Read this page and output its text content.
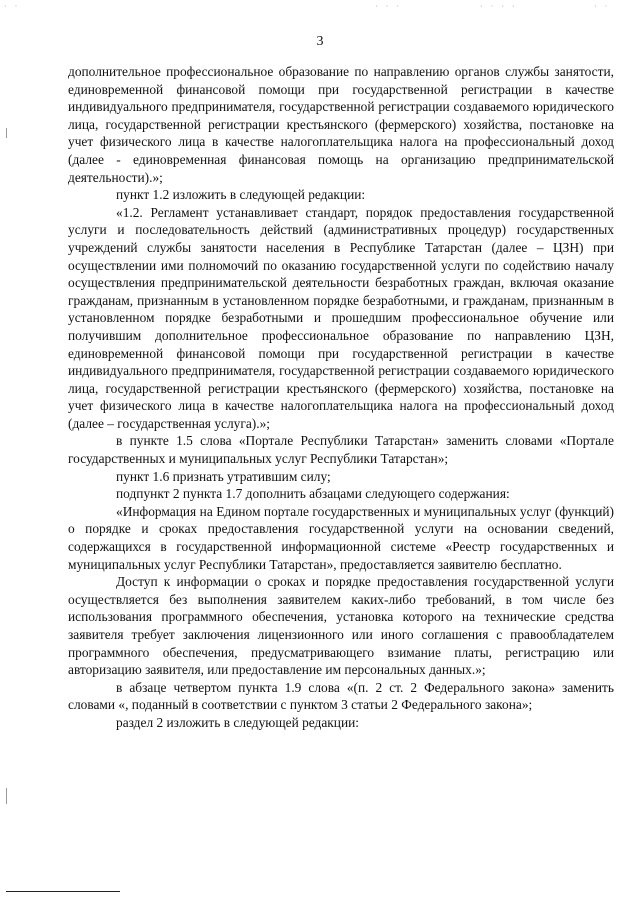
· ·	· · ·	· · · ·	· ·
3

дополнительное профессиональное образование по направлению органов службы занятости, единовременной финансовой помощи при государственной регистрации в качестве индивидуального предпринимателя, государственной регистрации создаваемого юридического лица, государственной регистрации крестьянского (фермерского) хозяйства, постановке на учет физического лица в качестве налогоплательщика налога на профессиональный доход (далее - единовременная финансовая помощь на организацию предпринимательской деятельности).»;

пункт 1.2 изложить в следующей редакции:

«1.2. Регламент устанавливает стандарт, порядок предоставления государственной услуги и последовательность действий (административных процедур) государственных учреждений службы занятости населения в Республике Татарстан (далее – ЦЗН) при осуществлении ими полномочий по оказанию государственной услуги по содействию началу осуществления предпринимательской деятельности безработных граждан, включая оказание гражданам, признанным в установленном порядке безработными, и гражданам, признанным в установленном порядке безработными и прошедшим профессиональное обучение или получившим дополнительное профессиональное образование по направлению ЦЗН, единовременной финансовой помощи при государственной регистрации в качестве индивидуального предпринимателя, государственной регистрации создаваемого юридического лица, государственной регистрации крестьянского (фермерского) хозяйства, постановке на учет физического лица в качестве налогоплательщика налога на профессиональный доход (далее – государственная услуга).»;

в пункте 1.5 слова «Портале Республики Татарстан» заменить словами «Портале государственных и муниципальных услуг Республики Татарстан»;

пункт 1.6 признать утратившим силу;

подпункт 2 пункта 1.7 дополнить абзацами следующего содержания:

«Информация на Едином портале государственных и муниципальных услуг (функций) о порядке и сроках предоставления государственной услуги на основании сведений, содержащихся в государственной информационной системе «Реестр государственных и муниципальных услуг Республики Татарстан», предоставляется заявителю бесплатно.

Доступ к информации о сроках и порядке предоставления государственной услуги осуществляется без выполнения заявителем каких-либо требований, в том числе без использования программного обеспечения, установка которого на технические средства заявителя требует заключения лицензионного или иного соглашения с правообладателем программного обеспечения, предусматривающего взимание платы, регистрацию или авторизацию заявителя, или предоставление им персональных данных.»;

в абзаце четвертом пункта 1.9 слова «(п. 2 ст. 2 Федерального закона» заменить словами «, поданный в соответствии с пунктом 3 статьи 2 Федерального закона»;

раздел 2 изложить в следующей редакции:
